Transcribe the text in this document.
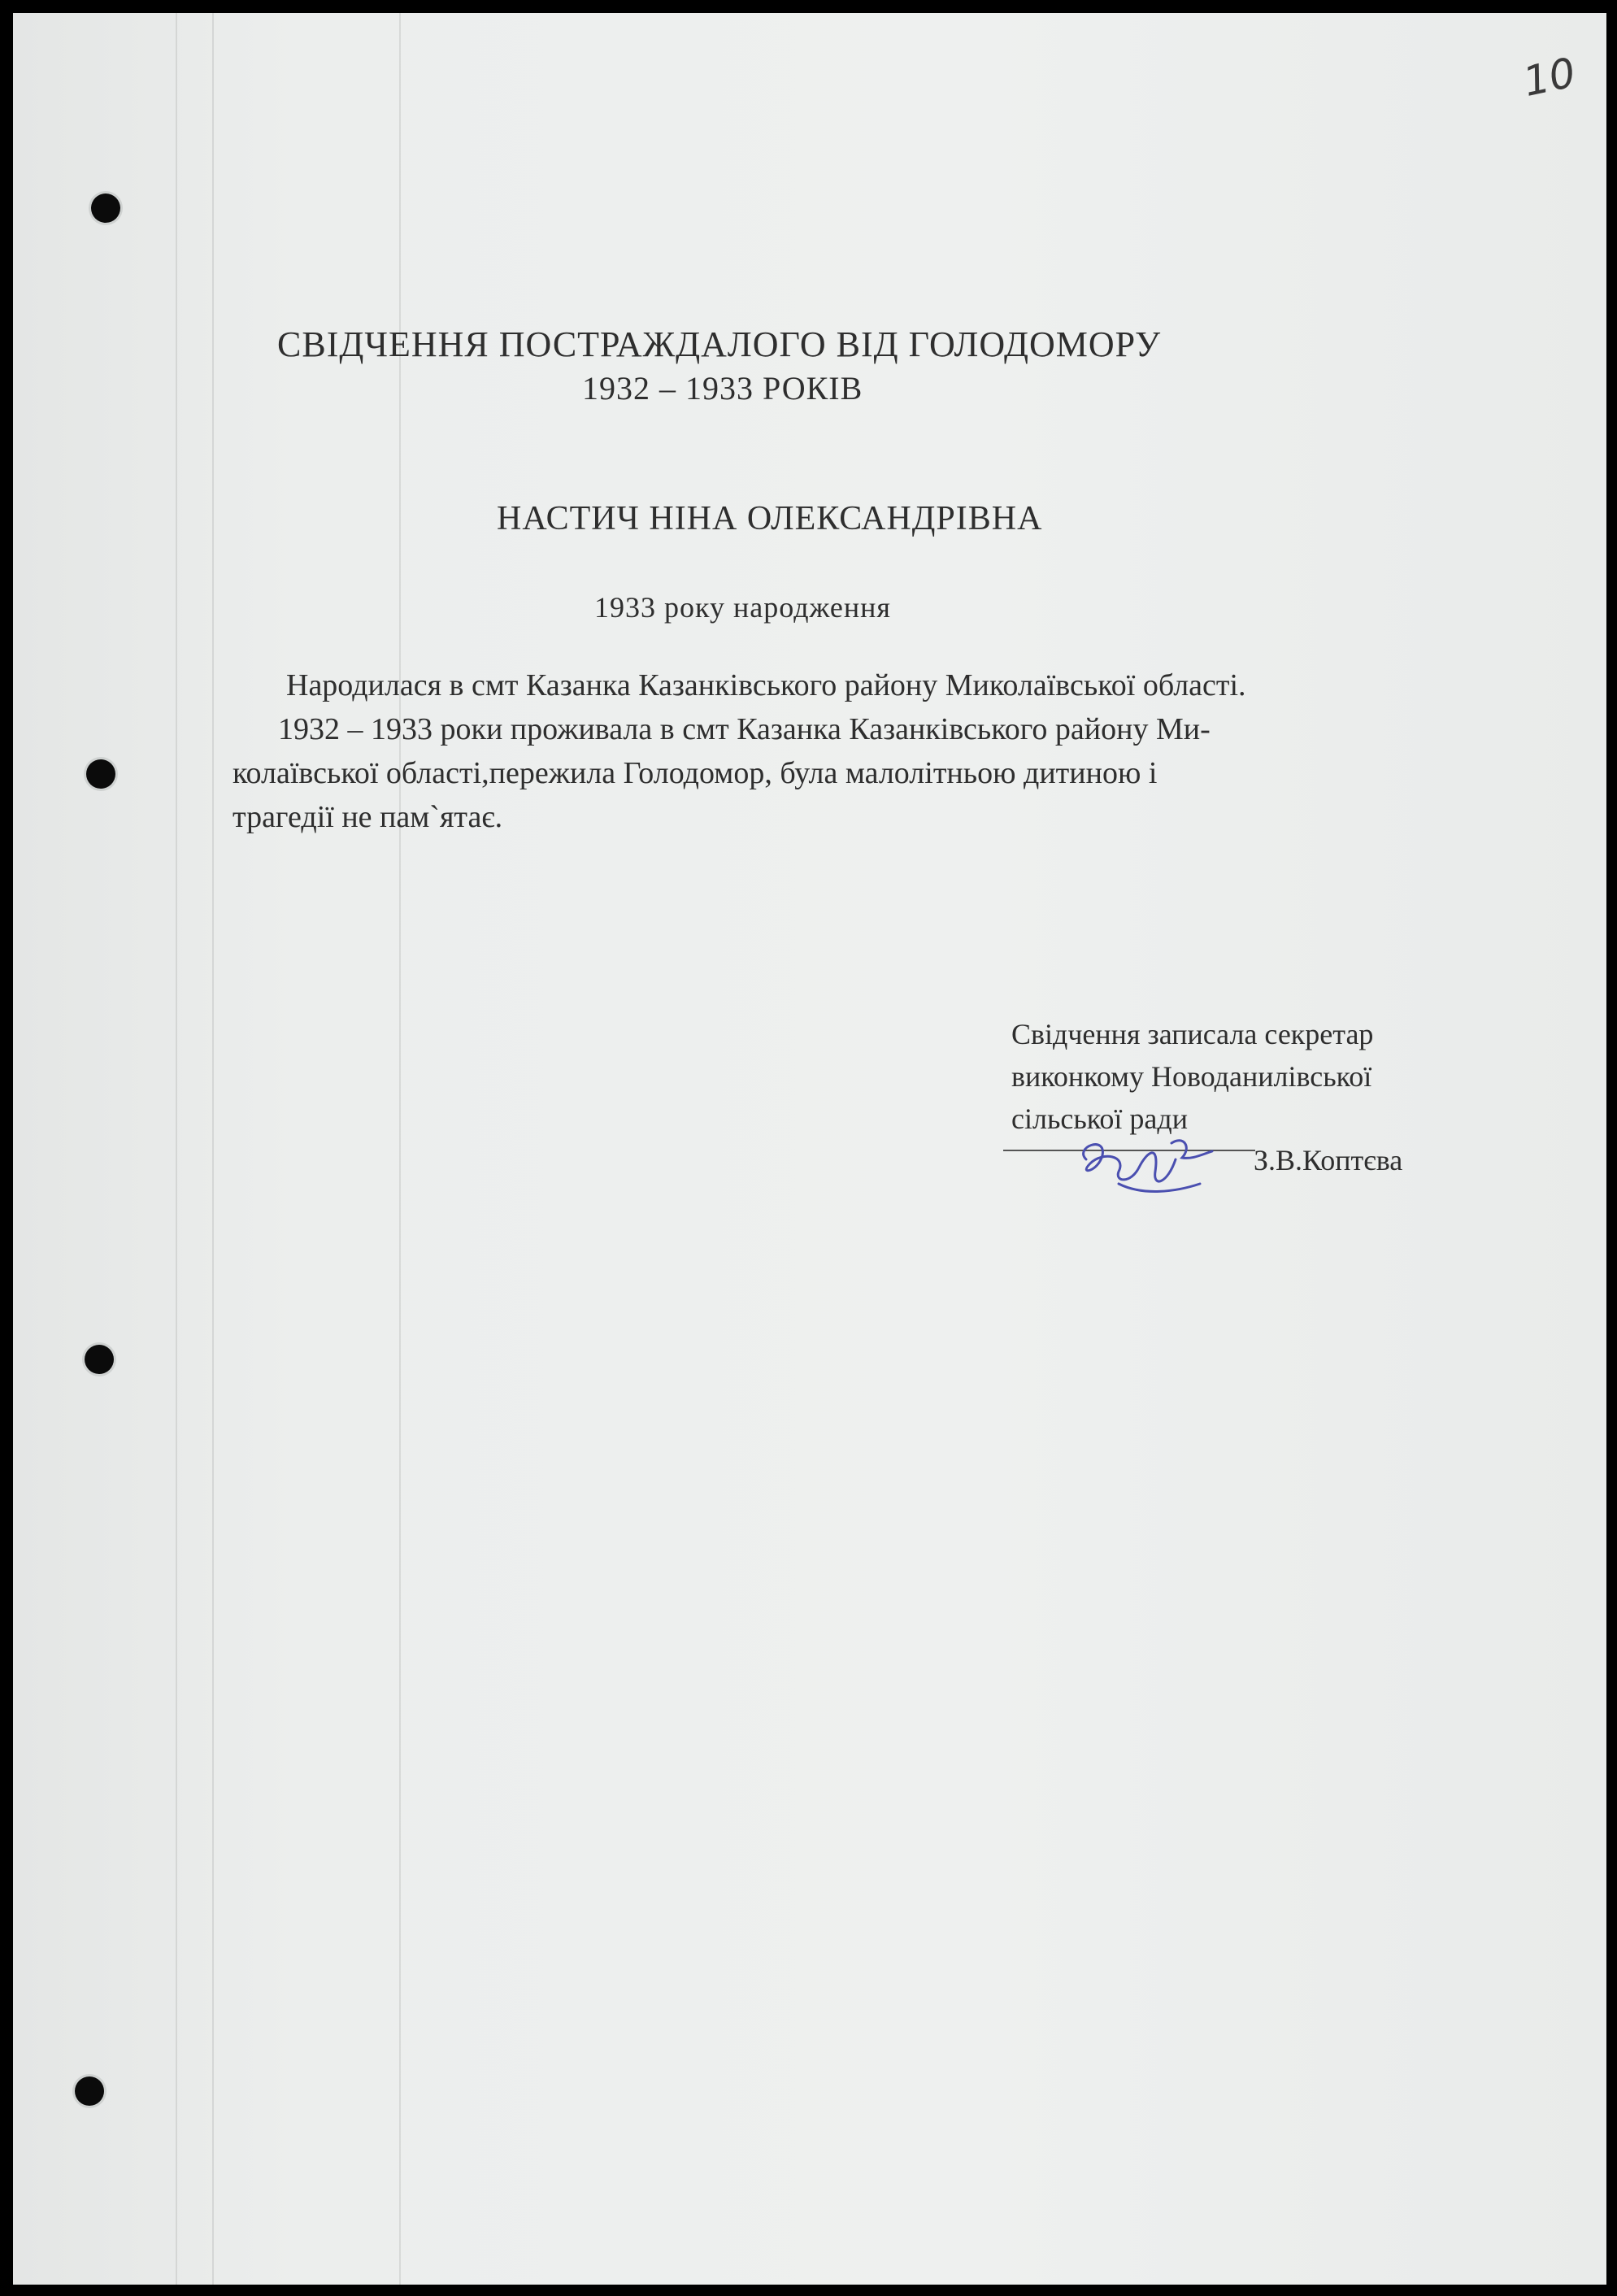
10
СВІДЧЕННЯ ПОСТРАЖДАЛОГО ВІД ГОЛОДОМОРУ
1932 – 1933 РОКІВ
НАСТИЧ НІНА ОЛЕКСАНДРІВНА
1933 року народження

Народилася в смт Казанка Казанківського району Миколаївської області.

1932 – 1933 роки проживала в смт Казанка Казанківського району Ми-

колаївської області,пережила Голодомор, була малолітньою дитиною і

трагедії не пам`ятає.

Свідчення записала секретар

виконкому Новоданилівської

сільської ради

З.В.Коптєва
